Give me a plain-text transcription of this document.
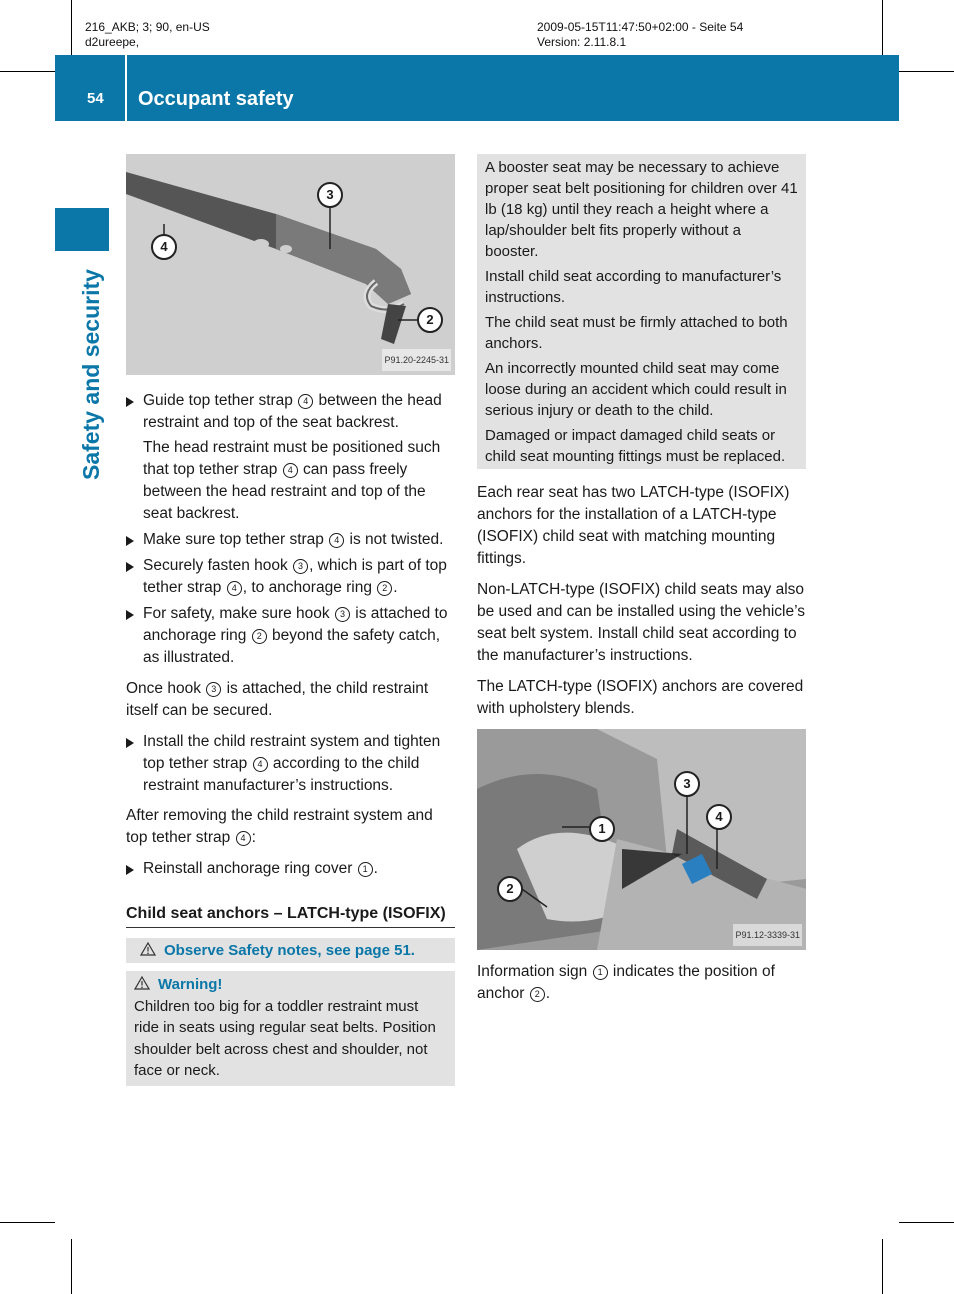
216_AKB; 3; 90, en-US
d2ureepe,
2009-05-15T11:47:50+02:00 - Seite 54
Version: 2.11.8.1
54	Occupant safety
Safety and security
4
3
2
P91.20-2245-31
Guide top tether strap 4 between the head restraint and top of the seat backrest.
The head restraint must be positioned such that top tether strap 4 can pass freely between the head restraint and top of the seat backrest.
Make sure top tether strap 4 is not twisted.
Securely fasten hook 3 , which is part of top tether strap 4 , to anchorage ring 2 .
For safety, make sure hook 3 is attached to anchorage ring 2 beyond the safety catch, as illustrated.

Once hook 3 is attached, the child restraint itself can be secured.

Install the child restraint system and tighten top tether strap 4 according to the child restraint manufacturer’s instructions.

After removing the child restraint system and top tether strap 4 :

Reinstall anchorage ring cover 1 .
Child seat anchors – LATCH-type (ISOFIX)
Observe Safety notes, see page 51.
Warning!
Children too big for a toddler restraint must ride in seats using regular seat belts. Position shoulder belt across chest and shoulder, not face or neck.

A booster seat may be necessary to achieve proper seat belt positioning for children over 41 lb (18 kg) until they reach a height where a lap/shoulder belt fits properly without a booster.

Install child seat according to manufacturer’s instructions.

The child seat must be firmly attached to both anchors.

An incorrectly mounted child seat may come loose during an accident which could result in serious injury or death to the child.

Damaged or impact damaged child seats or child seat mounting fittings must be replaced.

Each rear seat has two LATCH-type (ISOFIX) anchors for the installation of a LATCH-type (ISOFIX) child seat with matching mounting fittings.

Non-LATCH-type (ISOFIX) child seats may also be used and can be installed using the vehicle’s seat belt system. Install child seat according to the manufacturer’s instructions.

The LATCH-type (ISOFIX) anchors are covered with upholstery blends.

3
4
1
2
P91.12-3339-31

Information sign 1 indicates the position of anchor 2 .
